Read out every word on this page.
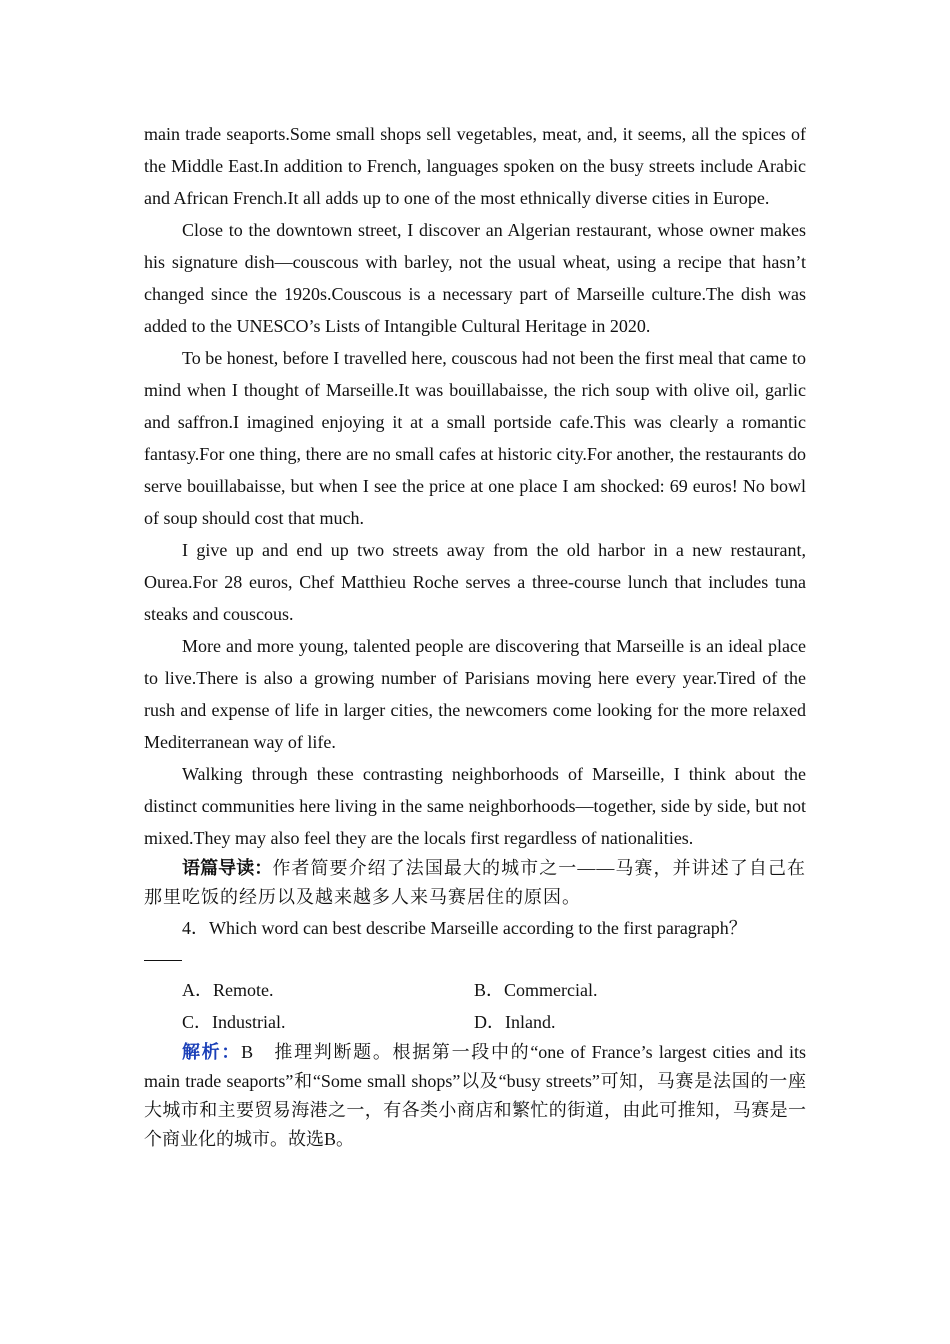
main trade seaports.Some small shops sell vegetables, meat, and, it seems, all the spices of the Middle East.In addition to French, languages spoken on the busy streets include Arabic and African French.It all adds up to one of the most ethnically diverse cities in Europe.

Close to the downtown street, I discover an Algerian restaurant, whose owner makes his signature dish—couscous with barley, not the usual wheat, using a recipe that hasn’t changed since the 1920s.Couscous is a necessary part of Marseille culture.The dish was added to the UNESCO’s Lists of Intangible Cultural Heritage in 2020.

To be honest, before I travelled here, couscous had not been the first meal that came to mind when I thought of Marseille.It was bouillabaisse, the rich soup with olive oil, garlic and saffron.I imagined enjoying it at a small portside cafe.This was clearly a romantic fantasy.For one thing, there are no small cafes at historic city.For another, the restaurants do serve bouillabaisse, but when I see the price at one place I am shocked: 69 euros! No bowl of soup should cost that much.

I give up and end up two streets away from the old harbor in a new restaurant, Ourea.For 28 euros, Chef Matthieu Roche serves a three-course lunch that includes tuna steaks and couscous.

More and more young, talented people are discovering that Marseille is an ideal place to live.There is also a growing number of Parisians moving here every year.Tired of the rush and expense of life in larger cities, the newcomers come looking for the more relaxed Mediterranean way of life.

Walking through these contrasting neighborhoods of Marseille, I think about the distinct communities here living in the same neighborhoods—together, side by side, but not mixed.They may also feel they are the locals first regardless of nationalities.

语篇导读：作者简要介绍了法国最大的城市之一——马赛，并讲述了自己在那里吃饭的经历以及越来越多人来马赛居住的原因。

4．Which word can best describe Marseille according to the first paragraph？

A．Remote.	B．Commercial.
C．Industrial.	D．Inland.

解析：B　推理判断题。根据第一段中的“one of France’s largest cities and its main trade seaports”和“Some small shops”以及“busy streets”可知，马赛是法国的一座大城市和主要贸易海港之一，有各类小商店和繁忙的街道，由此可推知，马赛是一个商业化的城市。故选B。
